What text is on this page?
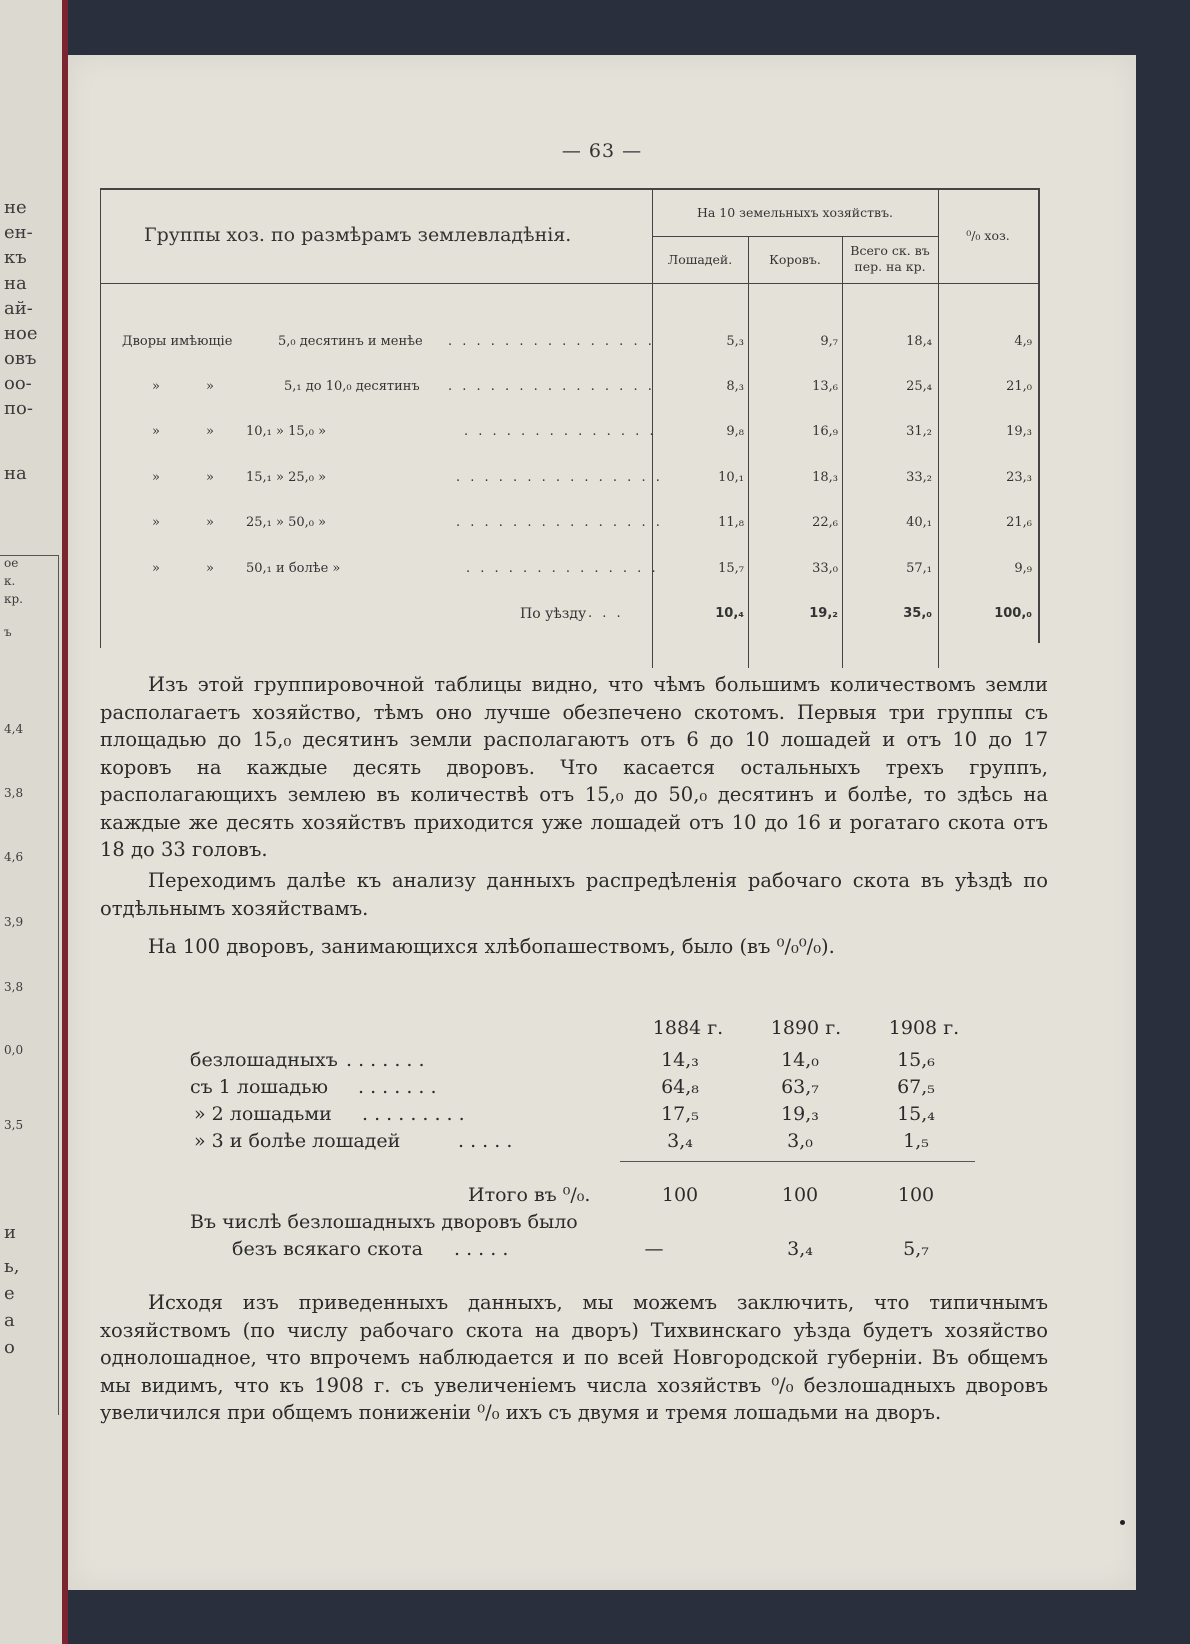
не
ен-
къ
на
ай-
ное
овъ
оо-
по-
на
ое
к.
кр.
ъ
4,4
3,8
4,6
3,9
3,8
0,0
3,5
и
ь,
е
а
о
— 63 —
Группы хоз. по размѣрамъ землевладѣнія.
На 10 земельныхъ хозяйствъ.
Лошадей.	Коровъ.
Всего ск. въ
пер. на кр.
⁰/₀ хоз.
Дворы имѣющіе	5,₀ десятинъ и менѣе . . . . . . . . . . . . . . .	5,₃	9,₇	18,₄	4,₉
»	»	5,₁ до 10,₀ десятинъ . . . . . . . . . . . . . . .	8,₃	13,₆	25,₄	21,₀
»	» 10,₁ » 15,₀ »	. . . . . . . . . . . . . .	9,₈	16,₉	31,₂	19,₃
»	» 15,₁ » 25,₀ »	. . . . . . . . . . . . . . .	10,₁	18,₃	33,₂	23,₃
»	» 25,₁ » 50,₀ »	. . . . . . . . . . . . . . .	11,₈	22,₆	40,₁	21,₆
»	» 50,₁ и болѣе »	. . . . . . . . . . . . . .	15,₇	33,₀	57,₁	9,₉
По уѣзду . . .	10,₄	19,₂	35,₀	100,₀
Изъ этой группировочной таблицы видно, что чѣмъ большимъ количествомъ земли располагаетъ хозяйство, тѣмъ оно лучше обезпечено скотомъ. Первыя три группы съ площадью до 15,₀ десятинъ земли располагаютъ отъ 6 до 10 лошадей и отъ 10 до 17 коровъ на каждые десять дворовъ. Что касается остальныхъ трехъ группъ, располагающихъ землею въ количествѣ отъ 15,₀ до 50,₀ десятинъ и болѣе, то здѣсь на каждые же десять хозяйствъ приходится уже лошадей отъ 10 до 16 и рогатаго скота отъ 18 до 33 головъ.
Переходимъ далѣе къ анализу данныхъ распредѣленія рабочаго скота въ уѣздѣ по отдѣльнымъ хозяйствамъ.
На 100 дворовъ, занимающихся хлѣбопашествомъ, было (въ ⁰/₀⁰/₀).
1884 г.	1890 г.	1908 г.
безлошадныхъ . . . . . . .	14,₃	14,₀	15,₆
съ 1 лошадью . . . . . . .	64,₈	63,₇	67,₅
» 2 лошадьми . . . . . . . . .	17,₅	19,₃	15,₄
» 3 и болѣе лошадей	. . . . .	3,₄	3,₀	1,₅
Итого въ ⁰/₀.	100	100	100
Въ числѣ безлошадныхъ дворовъ было
безъ всякаго скота . . . . .	—	3,₄	5,₇
Исходя изъ приведенныхъ данныхъ, мы можемъ заключить, что типичнымъ хозяйствомъ (по числу рабочаго скота на дворъ) Тихвинскаго уѣзда будетъ хозяйство однолошадное, что впрочемъ наблюдается и по всей Новгородской губерніи. Въ общемъ мы видимъ, что къ 1908 г. съ увеличеніемъ числа хозяйствъ ⁰/₀ безлошадныхъ дворовъ увеличился при общемъ пониженіи ⁰/₀ ихъ съ двумя и тремя лошадьми на дворъ.
